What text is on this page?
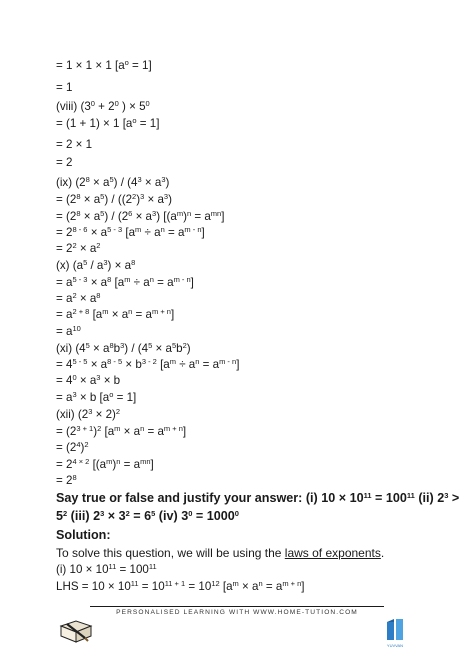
= 1 × 1 × 1 $[a^o = 1]$
= 1
(viii) ($3^0 + 2^0$ ) × $5^0$
= (1 + 1) × 1 $[a^o = 1]$
= 2 × 1
= 2
(ix) $(2^8 \times a^5) / (4^3 \times a^3)$
= $(2^8 \times a^5) / ((2^2)^3 \times a^3)$
= $(2^8 \times a^5) / (2^6 \times a^3) [(a^m)^n = a^{mn}]$
= $2^{8 - 6} \times a^{5 - 3}$ $[a^m \div a^n = a^{m - n}]$
= $2^2 \times a^2$
(x) $(a^5 / a^3) \times a^8$
= $a^{5 - 3} \times a^8$ $[a^m \div a^n = a^{m - n}]$
= $a^2 \times a^8$
= $a^{2 + 8}$ $[a^m \times a^n = a^{m + n}]$
= $a^{10}$
(xi) $(4^5 \times a^8b^3) / (4^5 \times a^5b^2)$
= $4^{5 - 5} \times a^{8 - 5} \times b^{3 - 2}$ $[a^m \div a^n = a^{m - n}]$
= $4^0 \times a^3 \times b$
= $a^3 \times b$ $[a^o = 1]$
(xii) $(2^3 \times 2)^2$
= $(2^{3 + 1})^2$ $[a^m \times a^n = a^{m + n}]$
= $(2^4)^2$
= $2^{4 \times 2}$ $[(a^m)^n = a^{mn}]$
= $2^8$
Say true or false and justify your answer: (i) $10 \times 10^{11} = 100^{11}$ (ii) $2^3$ >
$5^2$ (iii) $2^3 \times 3^2 = 6^5$ (iv) $3^0 = 1000^0$
Solution:
To solve this question, we will be using the laws of exponents.
(i) $10 \times 10^{11} = 100^{11}$
LHS = $10 \times 10^{11} = 10^{11 + 1} = 10^{12}$ $[a^m \times a^n = a^{m + n}]$
PERSONALISED LEARNING WITH WWW.HOME-TUTION.COM
YUVVAN
